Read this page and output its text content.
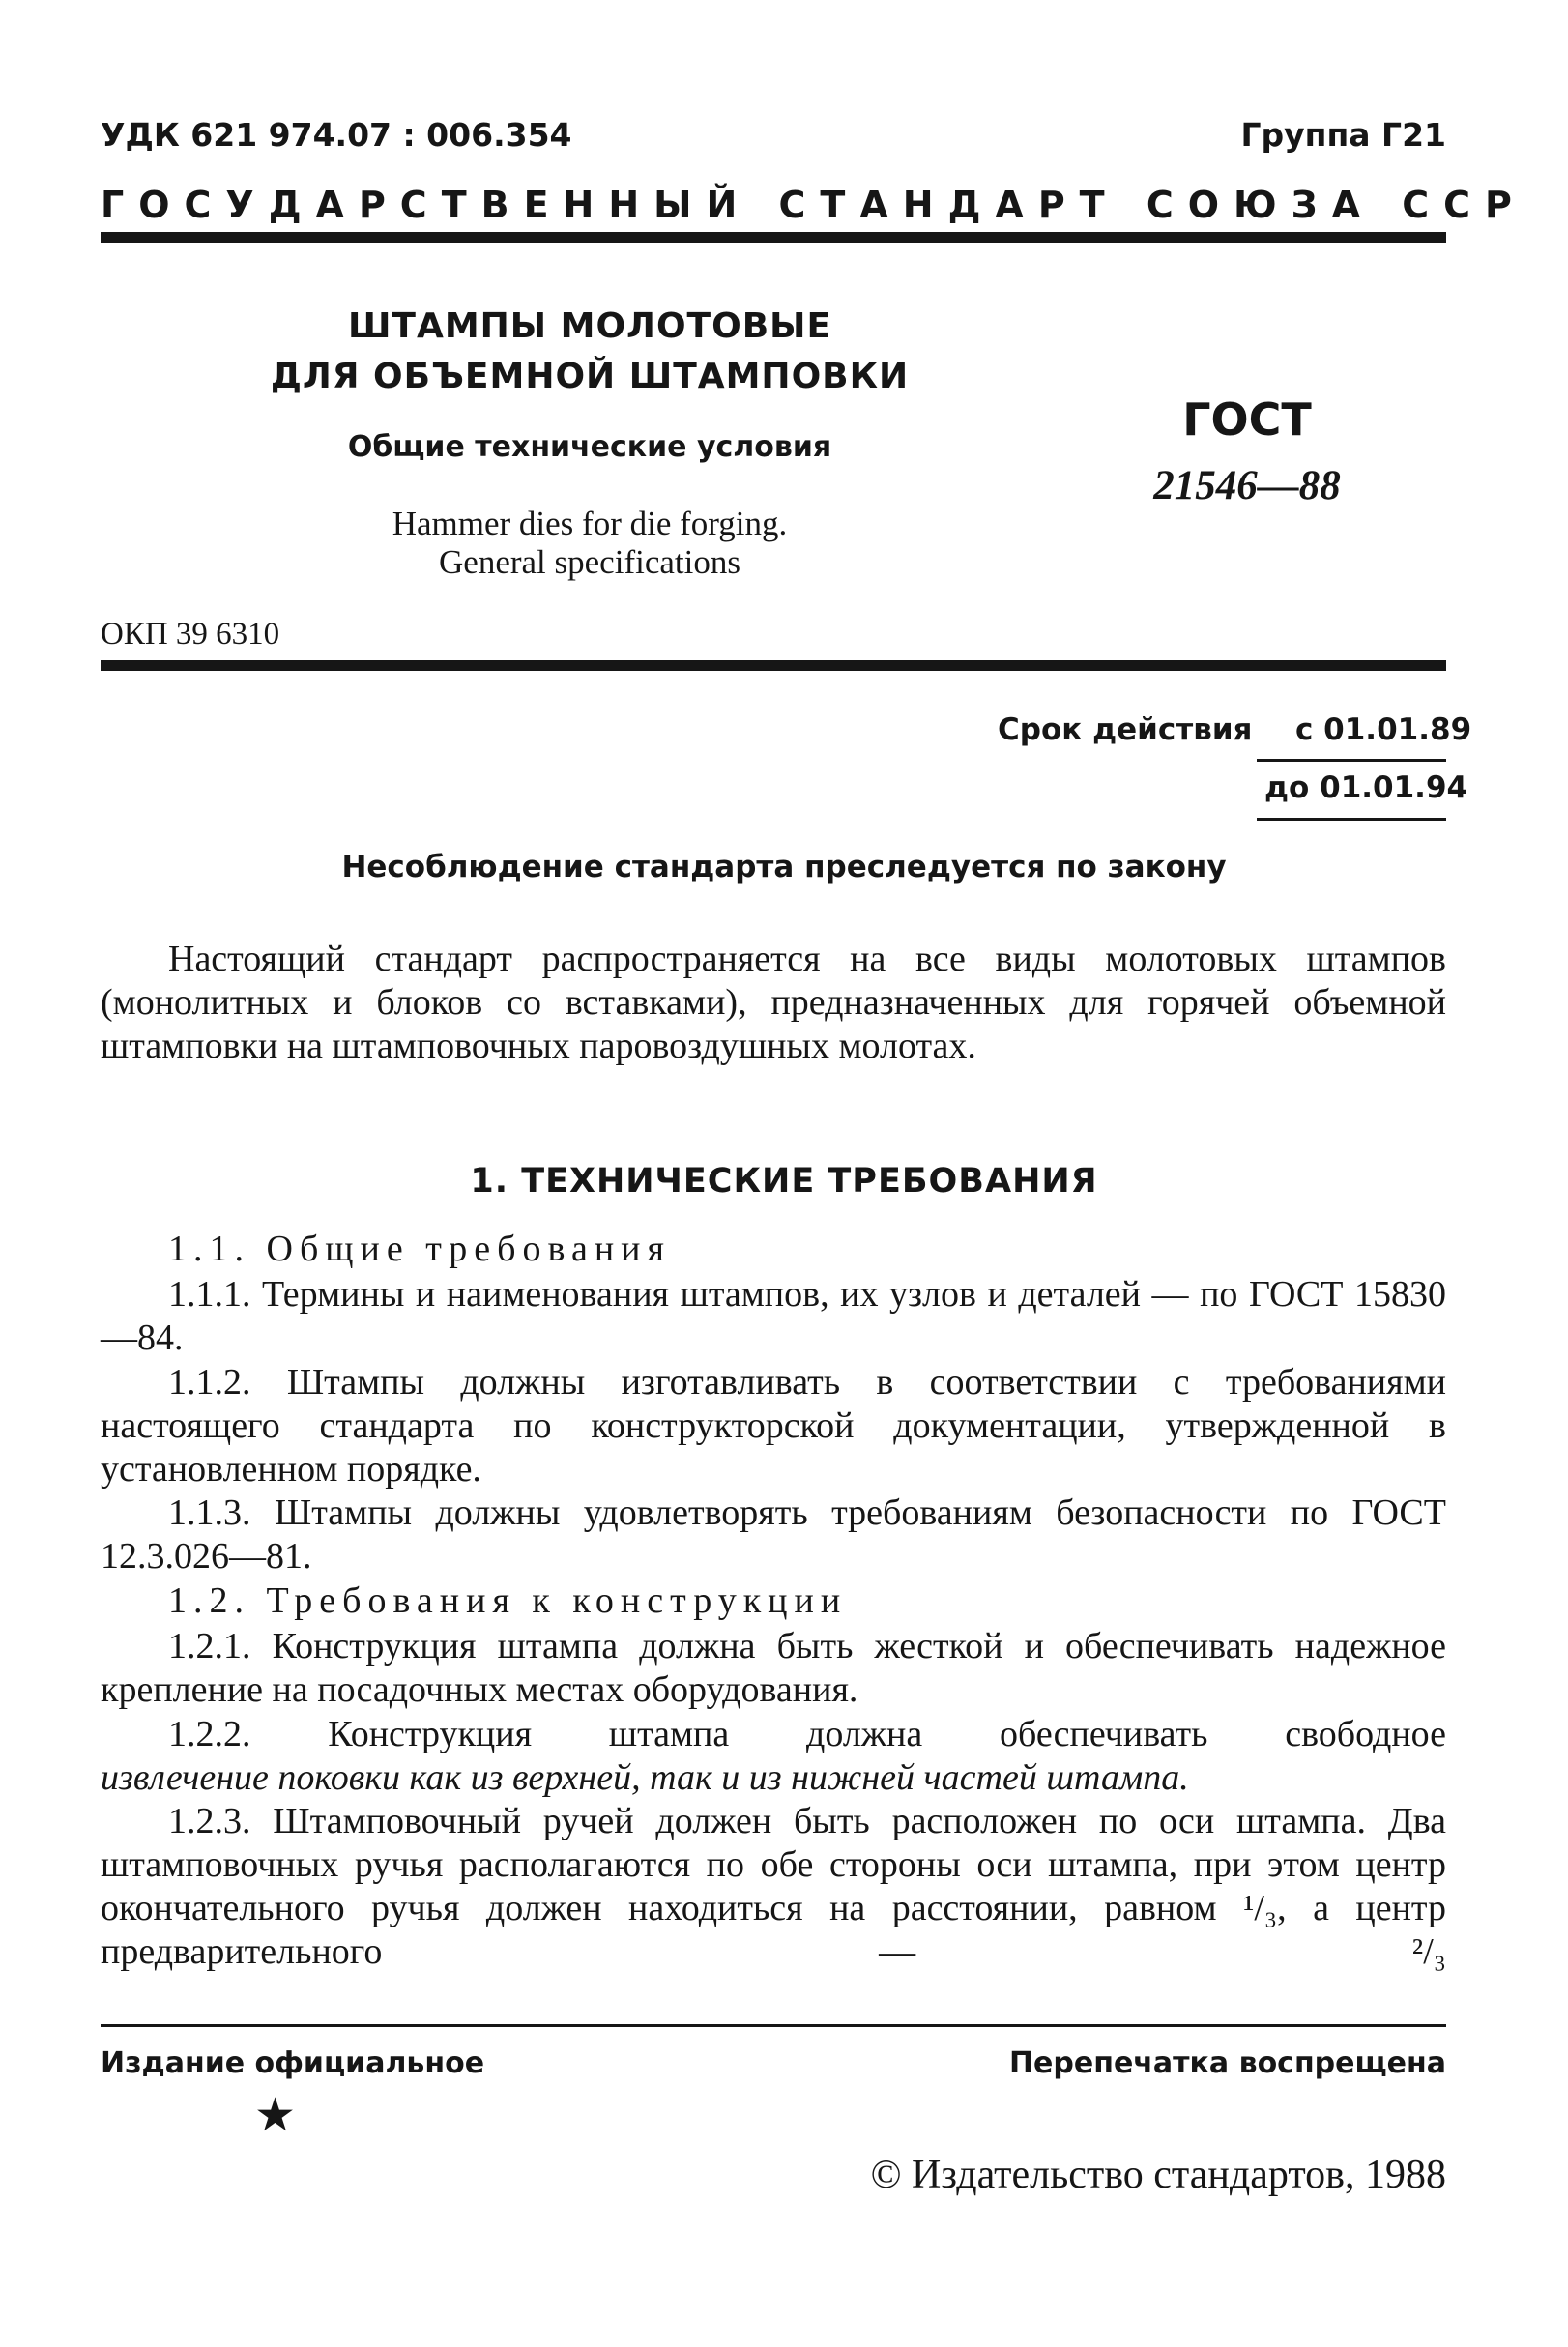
УДК 621 974.07 : 006.354	Группа Г21
ГОСУДАРСТВЕННЫЙ СТАНДАРТ СОЮЗА ССР
ШТАМПЫ МОЛОТОВЫЕ
ДЛЯ ОБЪЕМНОЙ ШТАМПОВКИ
Общие технические условия
Hammer dies for die forging.
General specifications
ГОСТ
21546—88
ОКП 39 6310
Срок действия с 01.01.89
до 01.01.94
Несоблюдение стандарта преследуется по закону
Настоящий стандарт распространяется на все виды молотовых штампов (монолитных и блоков со вставками), предназначенных для горячей объемной штамповки на штамповочных паровоздушных молотах.
1. ТЕХНИЧЕСКИЕ ТРЕБОВАНИЯ
1.1. Общие требования
1.1.1. Термины и наименования штампов, их узлов и деталей — по ГОСТ 15830—84.
1.1.2. Штампы должны изготавливать в соответствии с требованиями настоящего стандарта по конструкторской документации, утвержденной в установленном порядке.
1.1.3. Штампы должны удовлетворять требованиям безопасности по ГОСТ 12.3.026—81.
1.2. Требования к конструкции
1.2.1. Конструкция штампа должна быть жесткой и обеспечивать надежное крепление на посадочных местах оборудования.
1.2.2. Конструкция штампа должна обеспечивать свободное
извлечение поковки как из верхней, так и из нижней частей штампа.
1.2.3. Штамповочный ручей должен быть расположен по оси штампа. Два штамповочных ручья располагаются по обе стороны оси штампа, при этом центр окончательного ручья должен находиться на расстоянии, равном ¹/₃, а центр предварительного — ²/₃
Издание официальное	Перепечатка воспрещена
★
© Издательство стандартов, 1988
